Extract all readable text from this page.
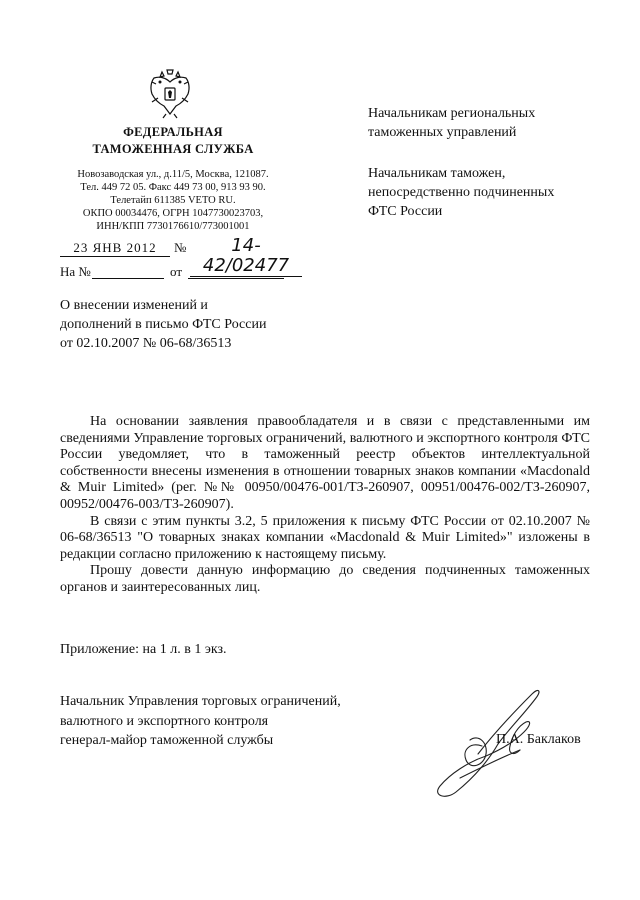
ФЕДЕРАЛЬНАЯ
ТАМОЖЕННАЯ СЛУЖБА
Новозаводская ул., д.11/5, Москва, 121087.
Тел. 449 72 05. Факс 449 73 00, 913 93 90.
Телетайп 611385 VETO RU.
ОКПО 00034476, ОГРН 1047730023703,
ИНН/КПП 7730176610/773001001
23 ЯНВ 2012	№	14-42/02477
На №	от
Начальникам региональных
таможенных управлений
Начальникам таможен,
непосредственно подчиненных
ФТС России
О внесении изменений и
дополнений в письмо ФТС России
от 02.10.2007 № 06-68/36513

На основании заявления правообладателя и в связи с представленными им сведениями Управление торговых ограничений, валютного и экспортного контроля ФТС России уведомляет, что в таможенный реестр объектов интеллектуальной собственности внесены изменения в отношении товарных знаков компании «Macdonald & Muir Limited» (рег. №№ 00950/00476-001/ТЗ-260907, 00951/00476-002/ТЗ-260907, 00952/00476-003/ТЗ-260907).

В связи с этим пункты 3.2, 5 приложения к письму ФТС России от 02.10.2007 № 06-68/36513 "О товарных знаках компании «Macdonald & Muir Limited»" изложены в редакции согласно приложению к настоящему письму.

Прошу довести данную информацию до сведения подчиненных таможенных органов и заинтересованных лиц.

Приложение: на 1 л. в 1 экз.
Начальник Управления торговых ограничений,
валютного и экспортного контроля
генерал-майор таможенной службы	П.А. Баклаков
